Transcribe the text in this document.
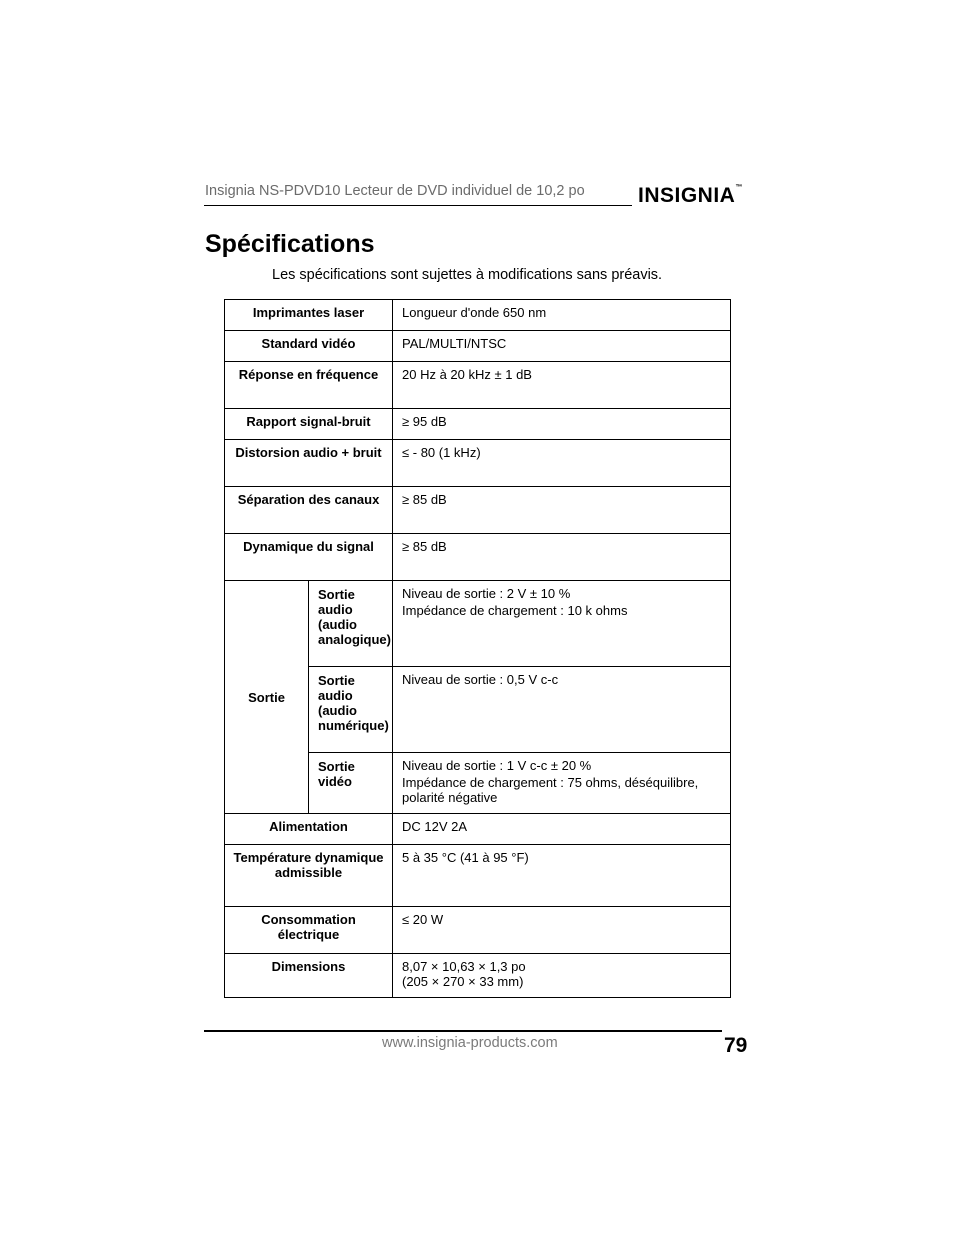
Insignia NS-PDVD10 Lecteur de DVD individuel de 10,2 po	INSIGNIA™
Spécifications
Les spécifications sont sujettes à modifications sans préavis.
Imprimantes laser		Longueur d'onde 650 nm
Standard vidéo		PAL/MULTI/NTSC
Réponse en fréquence		20 Hz à 20 kHz ± 1 dB
Rapport signal-bruit		≥ 95 dB
Distorsion audio + bruit		≤ - 80 (1 kHz)
Séparation des canaux		≥ 85 dB
Dynamique du signal		≥ 85 dB
Sortie	Sortie audio (audio analogique)	Niveau de sortie : 2 V ± 10 %
Impédance de chargement : 10 k ohms

	Sortie audio (audio numérique)	Niveau de sortie : 0,5 V c-c
	Sortie vidéo	Niveau de sortie : 1 V c-c ± 20 %
Impédance de chargement : 75 ohms, déséquilibre, polarité négative

Alimentation		DC 12V 2A
Température dynamique admissible		5 à 35 °C (41 à 95 °F)
Consommation électrique		≤ 20 W
Dimensions		8,07 × 10,63 × 1,3 po
(205 × 270 × 33 mm)
www.insignia-products.com	79
